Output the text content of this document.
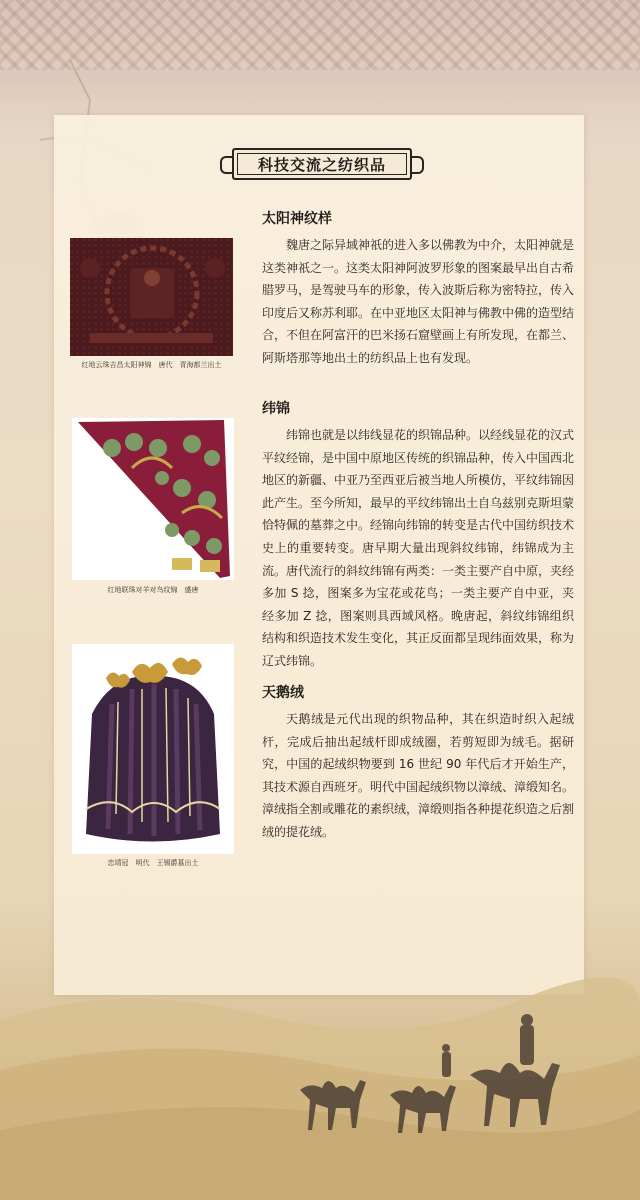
科技交流之纺织品
太阳神纹样

魏唐之际异域神祇的进入多以佛教为中介，太阳神就是这类神祇之一。这类太阳神阿波罗形象的图案最早出自古希腊罗马，是驾驶马车的形象，传入波斯后称为密特拉，传入印度后又称苏利耶。在中亚地区太阳神与佛教中佛的造型结合，不但在阿富汗的巴米扬石窟壁画上有所发现，在都兰、阿斯塔那等地出土的纺织品上也有发现。

红地云珠吉昌太阳神锦　唐代　青海都兰出土
纬锦

纬锦也就是以纬线显花的织锦品种。以经线显花的汉式平纹经锦，是中国中原地区传统的织锦品种，传入中国西北地区的新疆、中亚乃至西亚后被当地人所模仿，平纹纬锦因此产生。至今所知，最早的平纹纬锦出土自乌兹别克斯坦蒙恰特佩的墓葬之中。经锦向纬锦的转变是古代中国纺织技术史上的重要转变。唐早期大量出现斜纹纬锦，纬锦成为主流。唐代流行的斜纹纬锦有两类：一类主要产自中原，夹经多加 S 捻，图案多为宝花或花鸟；一类主要产自中亚，夹经多加 Z 捻，图案则具西域风格。晚唐起，斜纹纬锦组织结构和织造技术发生变化，其正反面都呈现纬面效果，称为辽式纬锦。

红地联珠对羊对鸟纹锦　盛唐
天鹅绒

天鹅绒是元代出现的织物品种，其在织造时织入起绒杆，完成后抽出起绒杆即成绒圈，若剪短即为绒毛。据研究，中国的起绒织物要到 16 世纪 90 年代后才开始生产，其技术源自西班牙。明代中国起绒织物以漳绒、漳缎知名。漳绒指全割或雕花的素织绒，漳缎则指各种提花织造之后割绒的提花绒。

忠靖冠　明代　王锡爵墓出土
